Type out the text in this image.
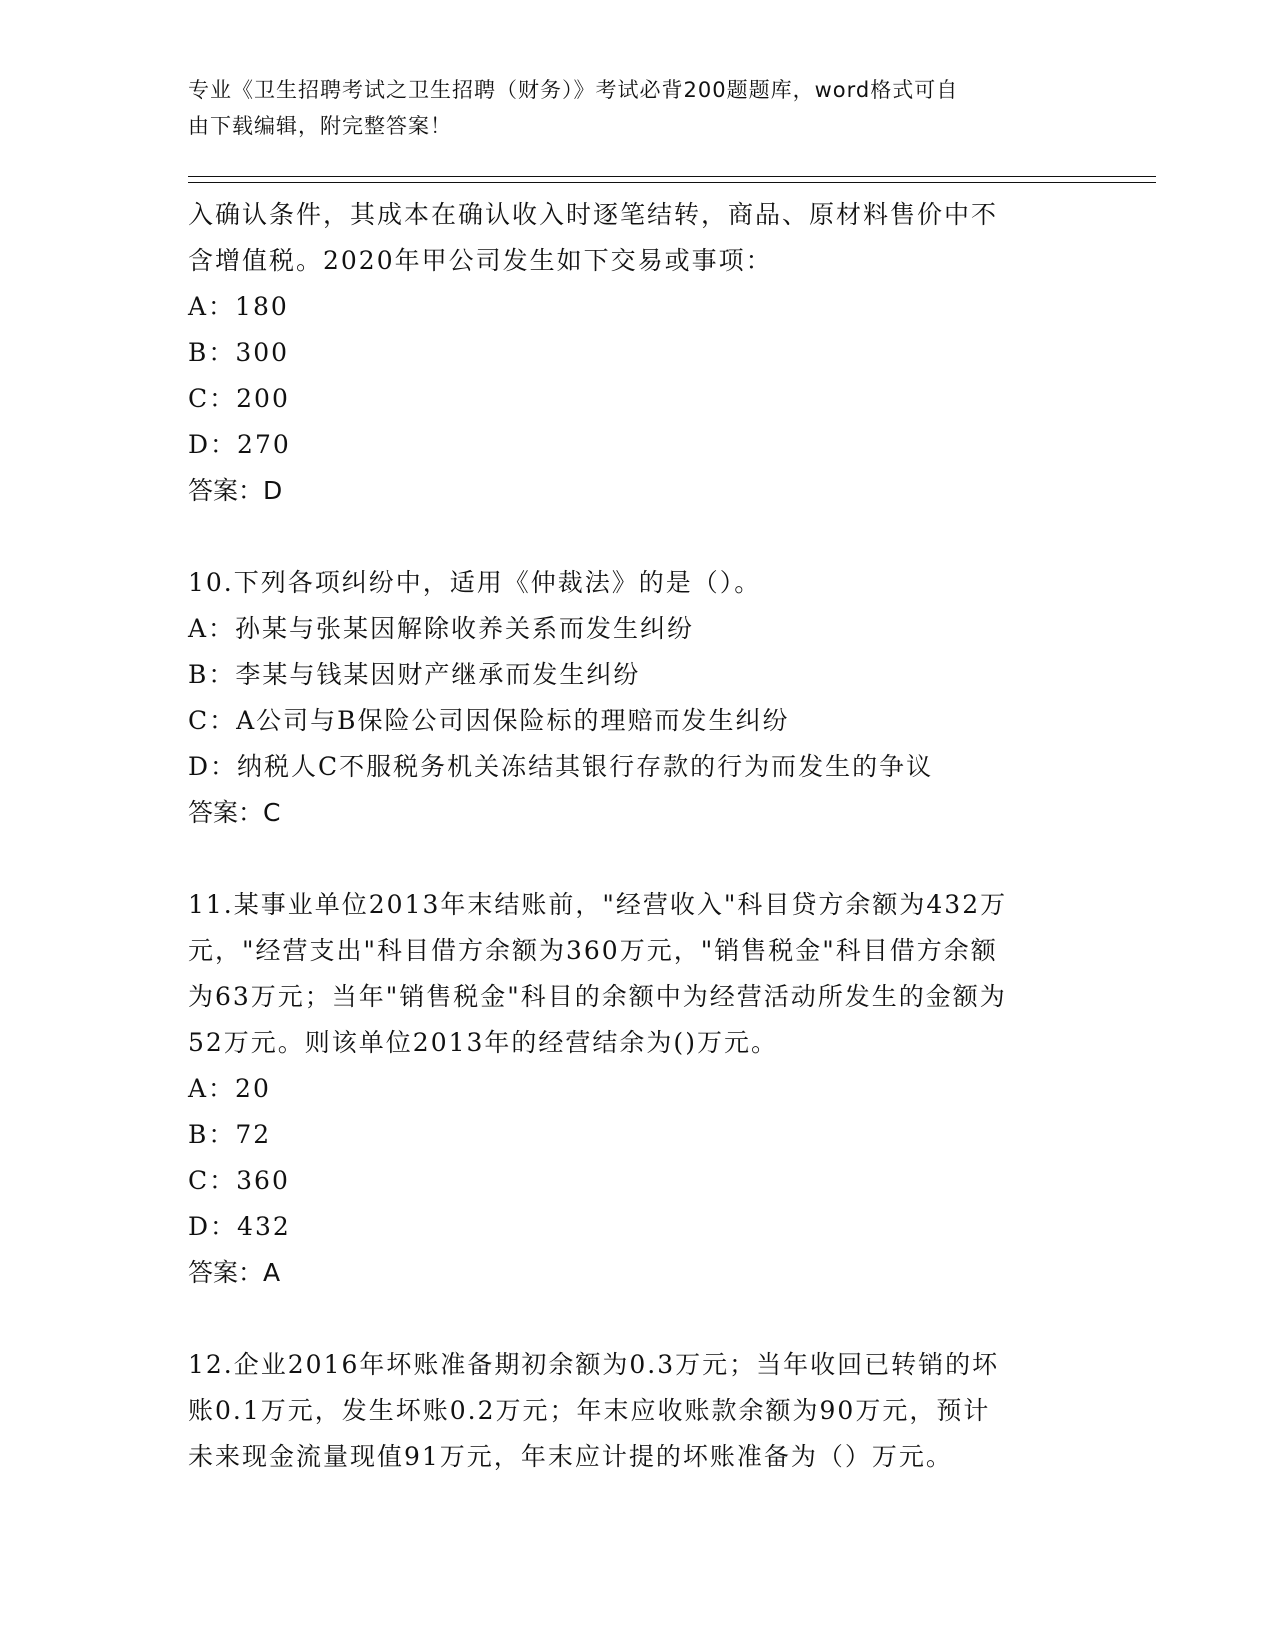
专业《卫生招聘考试之卫生招聘（财务）》考试必背200题题库，word格式可自
由下载编辑，附完整答案！
入确认条件，其成本在确认收入时逐笔结转，商品、原材料售价中不
含增值税。2020年甲公司发生如下交易或事项：
A：180
B：300
C：200
D：270
答案：D
10.下列各项纠纷中，适用《仲裁法》的是（）。
A：孙某与张某因解除收养关系而发生纠纷
B：李某与钱某因财产继承而发生纠纷
C：A公司与B保险公司因保险标的理赔而发生纠纷
D：纳税人C不服税务机关冻结其银行存款的行为而发生的争议
答案：C
11.某事业单位2013年末结账前，"经营收入"科目贷方余额为432万
元，"经营支出"科目借方余额为360万元，"销售税金"科目借方余额
为63万元；当年"销售税金"科目的余额中为经营活动所发生的金额为
52万元。则该单位2013年的经营结余为()万元。
A：20
B：72
C：360
D：432
答案：A
12.企业2016年坏账准备期初余额为0.3万元；当年收回已转销的坏
账0.1万元，发生坏账0.2万元；年末应收账款余额为90万元，预计
未来现金流量现值91万元，年末应计提的坏账准备为（）万元。
